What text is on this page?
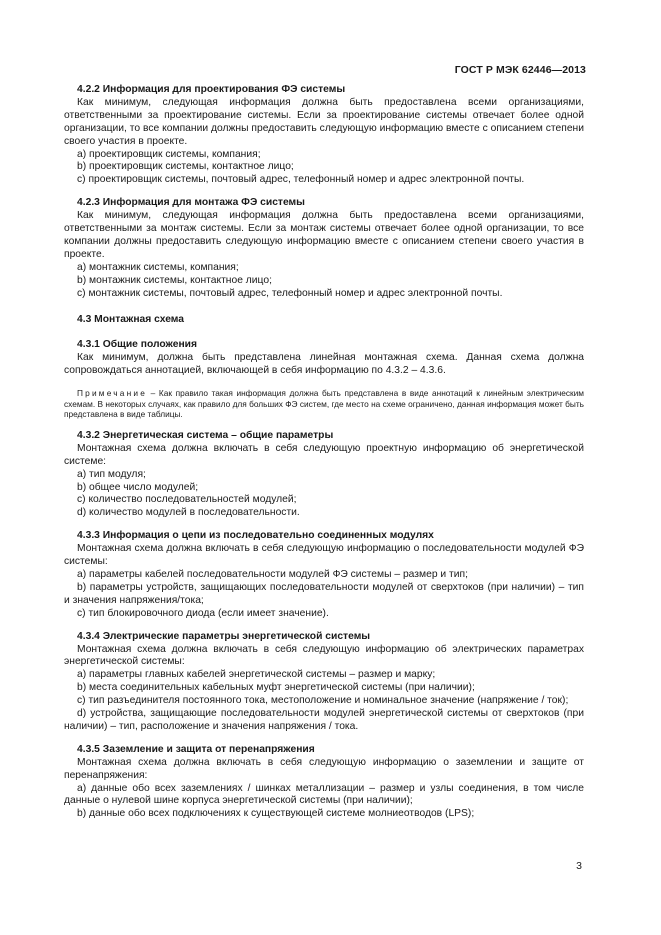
ГОСТ Р МЭК 62446—2013

4.2.2 Информация для проектирования ФЭ системы

Как минимум, следующая информация должна быть предоставлена всеми организациями, ответственными за проектирование системы. Если за проектирование системы отвечает более одной организации, то все компании должны предоставить следующую информацию вместе с описанием степени своего участия в проекте.

a) проектировщик системы, компания;

b) проектировщик системы, контактное лицо;

c) проектировщик системы, почтовый адрес, телефонный номер и адрес электронной почты.

4.2.3 Информация для монтажа ФЭ системы

Как минимум, следующая информация должна быть предоставлена всеми организациями, ответственными за монтаж системы. Если за монтаж системы отвечает более одной организации, то все компании должны предоставить следующую информацию вместе с описанием степени своего участия в проекте.

a) монтажник системы, компания;

b) монтажник системы, контактное лицо;

c) монтажник системы, почтовый адрес, телефонный номер и адрес электронной почты.

4.3 Монтажная схема

4.3.1 Общие положения

Как минимум, должна быть представлена линейная монтажная схема. Данная схема должна сопровождаться аннотацией, включающей в себя информацию по 4.3.2 – 4.3.6.

Примечание – Как правило такая информация должна быть представлена в виде аннотаций к линейным электрическим схемам. В некоторых случаях, как правило для больших ФЭ систем, где место на схеме ограничено, данная информация может быть представлена в виде таблицы.

4.3.2 Энергетическая система – общие параметры

Монтажная схема должна включать в себя следующую проектную информацию об энергетической системе:

a) тип модуля;

b) общее число модулей;

c) количество последовательностей модулей;

d) количество модулей в последовательности.

4.3.3 Информация о цепи из последовательно соединенных модулях

Монтажная схема должна включать в себя следующую информацию о последовательности модулей ФЭ системы:

a) параметры кабелей последовательности модулей ФЭ системы – размер и тип;

b) параметры устройств, защищающих последовательности модулей от сверхтоков (при наличии) – тип и значения напряжения/тока;

c) тип блокировочного диода (если имеет значение).

4.3.4 Электрические параметры энергетической системы

Монтажная схема должна включать в себя следующую информацию об электрических параметрах энергетической системы:

a) параметры главных кабелей энергетической системы – размер и марку;

b) места соединительных кабельных муфт энергетической системы (при наличии);

c) тип разъединителя постоянного тока, местоположение и номинальное значение (напряжение / ток);

d) устройства, защищающие последовательности модулей энергетической системы от сверхтоков (при наличии) – тип, расположение и значения напряжения / тока.

4.3.5 Заземление и защита от перенапряжения

Монтажная схема должна включать в себя следующую информацию о заземлении и защите от перенапряжения:

a) данные обо всех заземлениях / шинках металлизации – размер и узлы соединения, в том числе данные о нулевой шине корпуса энергетической системы (при наличии);

b) данные обо всех подключениях к существующей системе молниеотводов (LPS);

3
